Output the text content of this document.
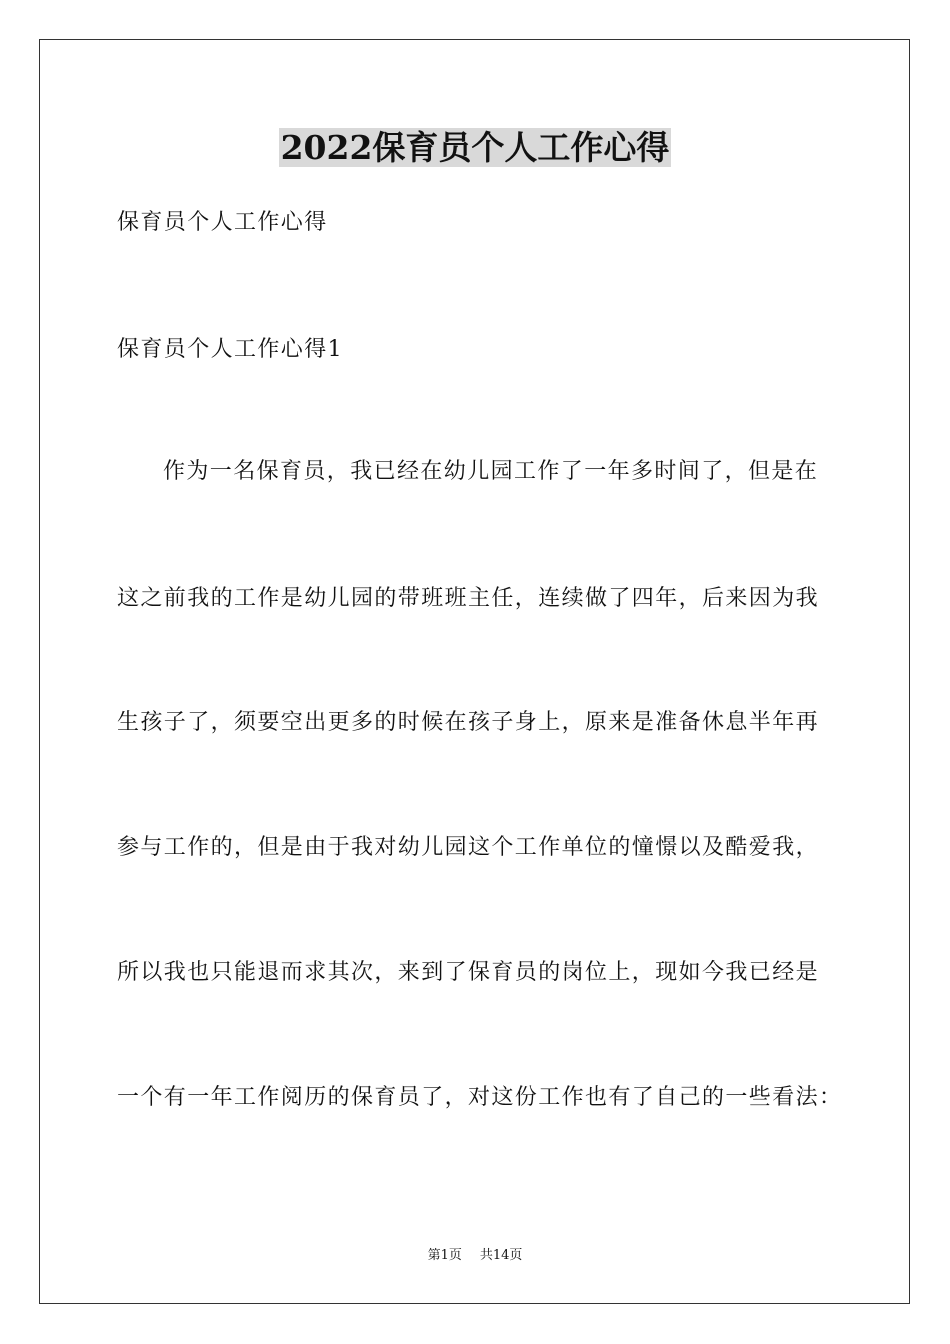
2022保育员个人工作心得

保育员个人工作心得

保育员个人工作心得1

作为一名保育员，我已经在幼儿园工作了一年多时间了，但是在

这之前我的工作是幼儿园的带班班主任，连续做了四年，后来因为我

生孩子了，须要空出更多的时候在孩子身上，原来是准备休息半年再

参与工作的，但是由于我对幼儿园这个工作单位的憧憬以及酷爱我，

所以我也只能退而求其次，来到了保育员的岗位上，现如今我已经是

一个有一年工作阅历的保育员了，对这份工作也有了自己的一些看法：

第1页 共14页
